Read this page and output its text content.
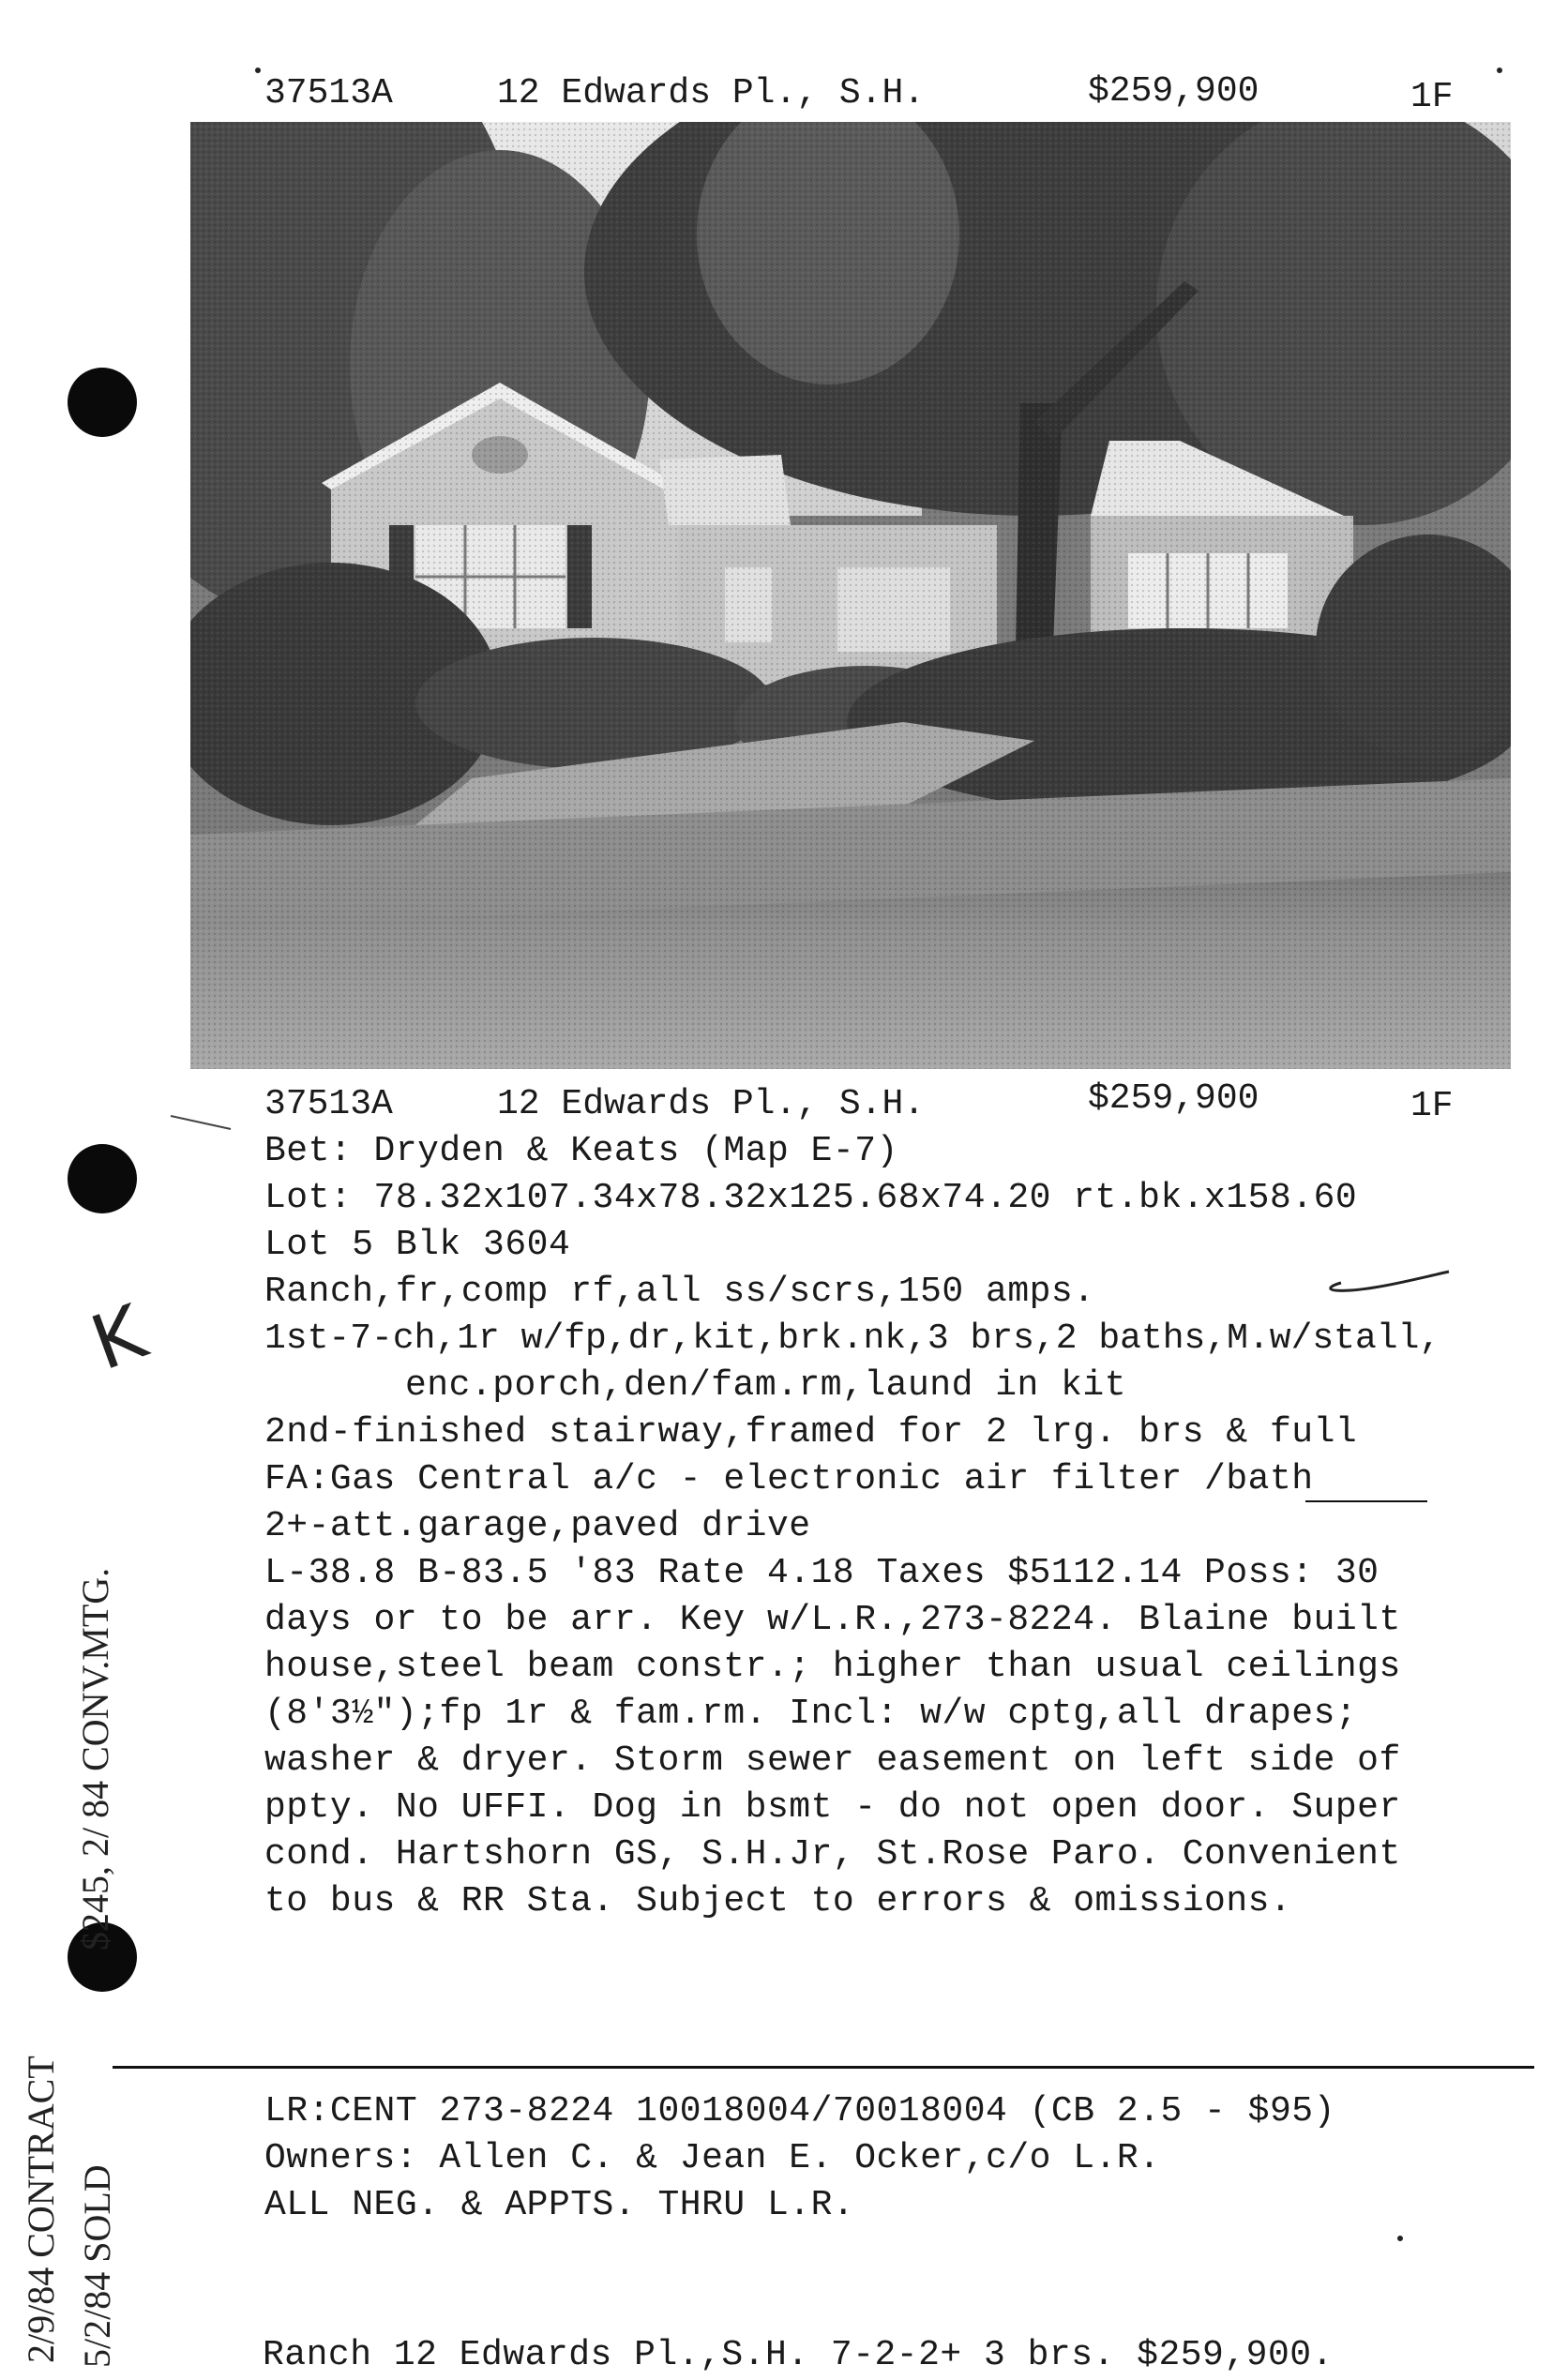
37513A	12 Edwards Pl., S.H.	$259,900	1F
37513A	12 Edwards Pl., S.H.	$259,900	1F
Bet: Dryden & Keats (Map E-7)
Lot: 78.32x107.34x78.32x125.68x74.20 rt.bk.x158.60
Lot 5 Blk 3604
Ranch,fr,comp rf,all ss/scrs,150 amps.
1st-7-ch,1r w/fp,dr,kit,brk.nk,3 brs,2 baths,M.w/stall,
enc.porch,den/fam.rm,laund in kit
2nd-finished stairway,framed for 2 lrg. brs & full
FA:Gas Central a/c - electronic air filter /bath
2+-att.garage,paved drive
L-38.8 B-83.5 '83 Rate 4.18 Taxes $5112.14 Poss: 30
days or to be arr. Key w/L.R.,273-8224. Blaine built
house,steel beam constr.; higher than usual ceilings
(8'3½");fp 1r & fam.rm. Incl: w/w cptg,all drapes;
washer & dryer. Storm sewer easement on left side of
ppty. No UFFI. Dog in bsmt - do not open door. Super
cond. Hartshorn GS, S.H.Jr, St.Rose Paro. Convenient
to bus & RR Sta. Subject to errors & omissions.
LR:CENT 273-8224 10018004/70018004 (CB 2.5 - $95)
Owners: Allen C. & Jean E. Ocker,c/o L.R.
ALL NEG. & APPTS. THRU L.R.
Ranch 12 Edwards Pl.,S.H. 7-2-2+ 3 brs. $259,900.
2/9/84 CONTRACT 5/2/84 SOLD
$245, 2/ 84 CONV.MTG.
K
